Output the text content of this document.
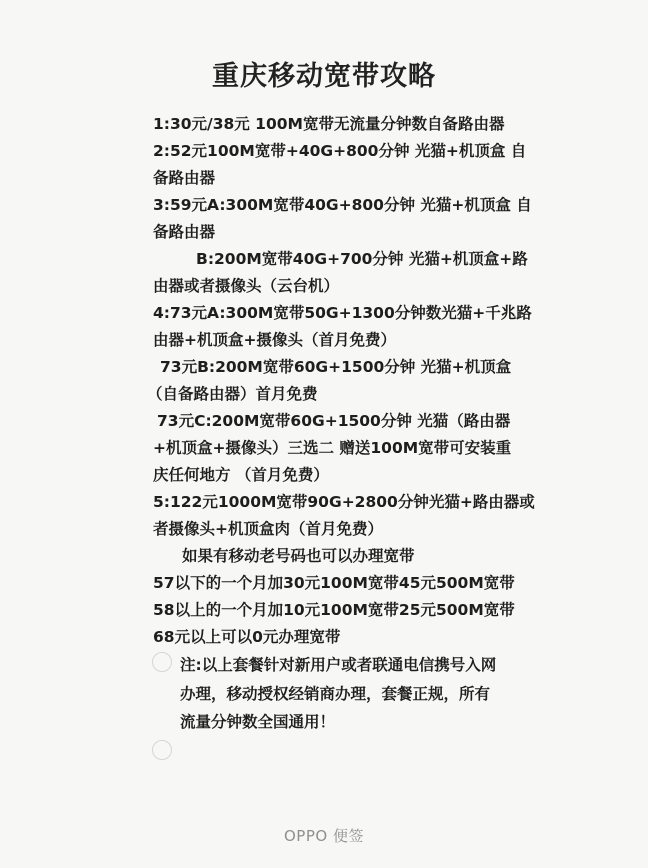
重庆移动宽带攻略
1:30元/38元 100M宽带无流量分钟数自备路由器
2:52元100M宽带+40G+800分钟 光猫+机顶盒 自
备路由器
3:59元A:300M宽带40G+800分钟 光猫+机顶盒 自
备路由器
B:200M宽带40G+700分钟 光猫+机顶盒+路
由器或者摄像头（云台机）
4:73元A:300M宽带50G+1300分钟数光猫+千兆路
由器+机顶盒+摄像头（首月免费）
73元B:200M宽带60G+1500分钟 光猫+机顶盒
（自备路由器）首月免费
73元C:200M宽带60G+1500分钟 光猫（路由器
+机顶盒+摄像头）三选二 赠送100M宽带可安装重
庆任何地方 （首月免费）
5:122元1000M宽带90G+2800分钟光猫+路由器或
者摄像头+机顶盒肉（首月免费）
如果有移动老号码也可以办理宽带
57以下的一个月加30元100M宽带45元500M宽带
58以上的一个月加10元100M宽带25元500M宽带
68元以上可以0元办理宽带
注:以上套餐针对新用户或者联通电信携号入网
办理，移动授权经销商办理，套餐正规，所有
流量分钟数全国通用！
OPPO 便签
